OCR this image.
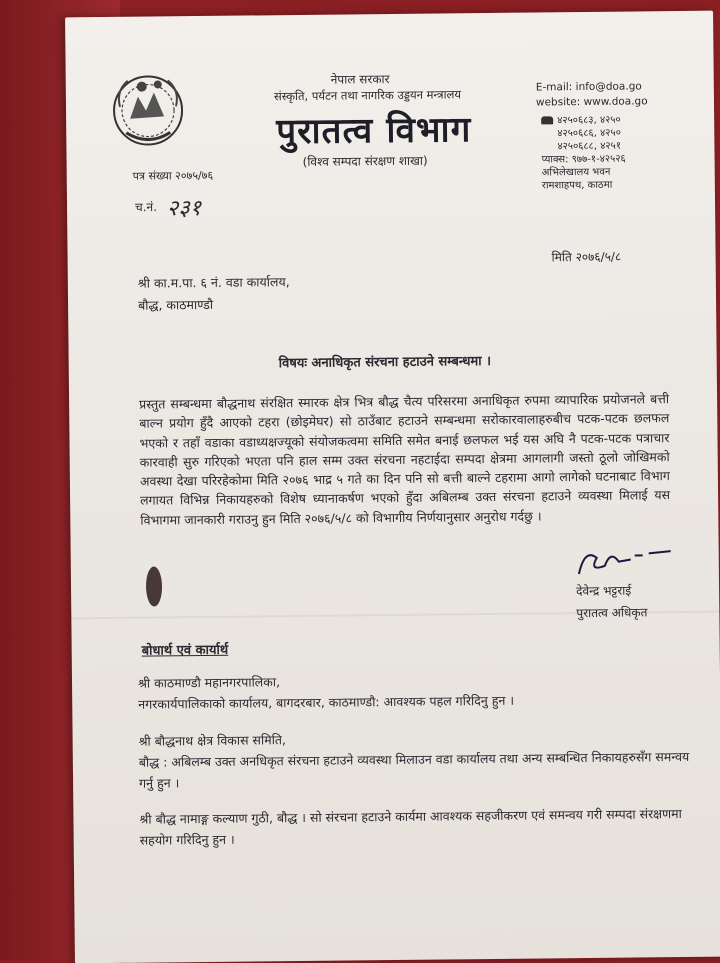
नेपाल सरकार
संस्कृति, पर्यटन तथा नागरिक उड्डयन मन्त्रालय
पुरातत्व विभाग
(विश्व सम्पदा संरक्षण शाखा)
E-mail: info@doa.go
website: www.doa.go
४२५०६८३, ४२५०
४२५०६८६, ४२५०
४२५०६८८, ४२५१
प्याक्स: ९७७-१-४२५२६
अभिलेखालय भवन
रामशाहपथ, काठमा
पत्र संख्या २०७५/७६
च.नं. २३१
मिति २०७६/५/८
श्री का.म.पा. ६ नं. वडा कार्यालय,
बौद्ध, काठमाण्डौ
विषयः अनाधिकृत संरचना हटाउने सम्बन्धमा ।
प्रस्तुत सम्बन्धमा बौद्धनाथ संरक्षित स्मारक क्षेत्र भित्र बौद्ध चैत्य परिसरमा अनाधिकृत रुपमा व्यापारिक प्रयोजनले बत्ती बाल्न प्रयोग हुँदै आएको टहरा (छोइमेघर) सो ठाउँबाट हटाउने सम्बन्धमा सरोकारवालाहरुबीच पटक-पटक छलफल भएको र तहाँ वडाका वडाध्यक्षज्यूको संयोजकत्वमा समिति समेत बनाई छलफल भई यस अघि नै पटक-पटक पत्राचार कारवाही सुरु गरिएको भएता पनि हाल सम्म उक्त संरचना नहटाईदा सम्पदा क्षेत्रमा आगलागी जस्तो ठूलो जोखिमको अवस्था देखा परिरहेकोमा मिति २०७६ भाद्र ५ गते का दिन पनि सो बत्ती बाल्ने टहरामा आगो लागेको घटनाबाट विभाग लगायत विभिन्न निकायहरुको विशेष ध्यानाकर्षण भएको हुँदा अबिलम्ब उक्त संरचना हटाउने व्यवस्था मिलाई यस विभागमा जानकारी गराउनु हुन मिति २०७६/५/८ को विभागीय निर्णयानुसार अनुरोध गर्दछु ।
देवेन्द्र भट्टराई
पुरातत्व अधिकृत
बोधार्थ एवं कार्यार्थ
श्री काठमाण्डौ महानगरपालिका,
नगरकार्यपालिकाको कार्यालय, बागदरबार, काठमाण्डौ: आवश्यक पहल गरिदिनु हुन ।
श्री बौद्धनाथ क्षेत्र विकास समिति,
बौद्ध : अबिलम्ब उक्त अनधिकृत संरचना हटाउने व्यवस्था मिलाउन वडा कार्यालय तथा अन्य सम्बन्धित निकायहरुसँग समन्वय गर्नु हुन ।
श्री बौद्ध नामाङ्ग कल्याण गुठी, बौद्ध । सो संरचना हटाउने कार्यमा आवश्यक सहजीकरण एवं समन्वय गरी सम्पदा संरक्षणमा सहयोग गरिदिनु हुन ।
